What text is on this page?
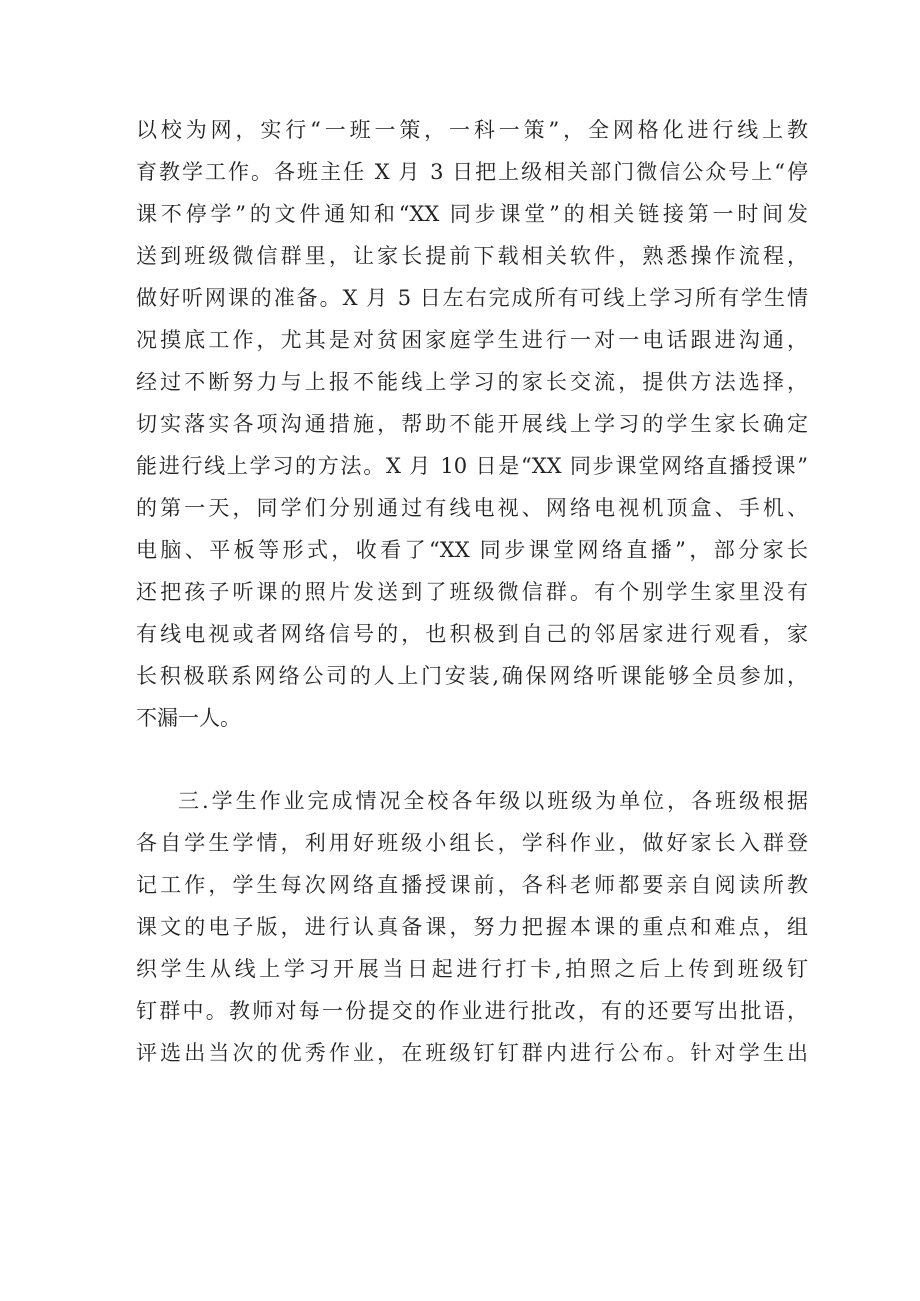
以校为网，实行“一班一策，一科一策”，全网格化进行线上教
育教学工作。各班主任 X 月 3 日把上级相关部门微信公众号上“停
课不停学”的文件通知和“XX 同步课堂”的相关链接第一时间发
送到班级微信群里，让家长提前下载相关软件，熟悉操作流程，
做好听网课的准备。X 月 5 日左右完成所有可线上学习所有学生情
况摸底工作，尤其是对贫困家庭学生进行一对一电话跟进沟通，
经过不断努力与上报不能线上学习的家长交流，提供方法选择，
切实落实各项沟通措施，帮助不能开展线上学习的学生家长确定
能进行线上学习的方法。X 月 10 日是“XX 同步课堂网络直播授课”
的第一天，同学们分别通过有线电视、网络电视机顶盒、手机、
电脑、平板等形式，收看了“XX 同步课堂网络直播”，部分家长
还把孩子听课的照片发送到了班级微信群。有个别学生家里没有
有线电视或者网络信号的，也积极到自己的邻居家进行观看，家
长积极联系网络公司的人上门安装,确保网络听课能够全员参加，
不漏一人。
三.学生作业完成情况全校各年级以班级为单位，各班级根据
各自学生学情，利用好班级小组长，学科作业，做好家长入群登
记工作，学生每次网络直播授课前，各科老师都要亲自阅读所教
课文的电子版，进行认真备课，努力把握本课的重点和难点，组
织学生从线上学习开展当日起进行打卡,拍照之后上传到班级钉
钉群中。教师对每一份提交的作业进行批改，有的还要写出批语，
评选出当次的优秀作业，在班级钉钉群内进行公布。针对学生出
